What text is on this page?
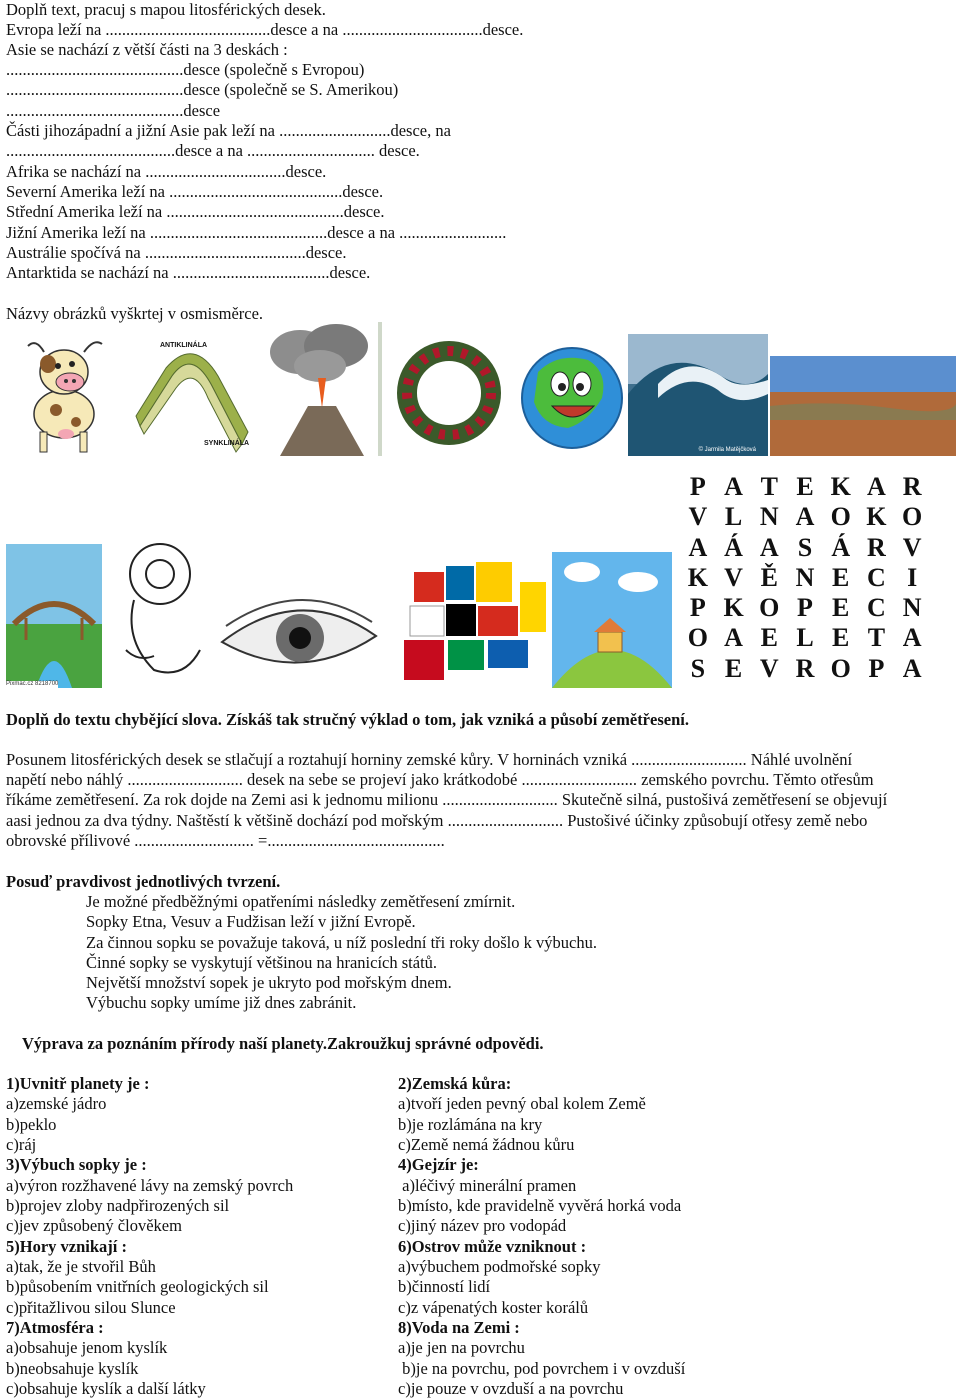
Doplň text, pracuj s mapou litosférických desek.
Evropa leží na ........................................desce a na ..................................desce.
Asie se nachází z větší části na 3 deskách :
...........................................desce (společně s Evropou)
...........................................desce (společně se S. Amerikou)
...........................................desce
Části jihozápadní a jižní Asie pak leží na ...........................desce, na
.........................................desce a na ............................... desce.
Afrika se nachází na ..................................desce.
Severní Amerika leží na ..........................................desce.
Střední Amerika leží na ...........................................desce.
Jižní Amerika leží na ...........................................desce a na ..........................
Austrálie spočívá na .......................................desce.
Antarktida se nachází na ......................................desce.
Názvy obrázků vyškrtej v osmisměrce.
ANTIKLINÁLA
SYNKLINÁLA
© Jarmila Matějčková
P A T E K A R
V L N A O K O
A Á A S Á R V
K V Ě N E C I
P K O P E C N
O A E L E T A
S E V R O P A
Pixmac.cz 8218700
Doplň do textu chybějící slova. Získáš tak stručný výklad o tom, jak vzniká a působí zemětřesení.
Posunem litosférických desek se stlačují a roztahují horniny zemské kůry. V horninách vzniká ............................ Náhlé uvolnění
napětí nebo náhlý ............................ desek na sebe se projeví jako krátkodobé ............................ zemského povrchu. Těmto otřesům
říkáme zemětřesení. Za rok dojde na Zemi asi k jednomu milionu ............................ Skutečně silná, pustošivá zemětřesení se objevují
aasi jednou za dva týdny. Naštěstí k většině dochází pod mořským ............................ Pustošivé účinky způsobují otřesy země nebo
obrovské přílivové ............................. =...........................................
Posuď pravdivost jednotlivých tvrzení.
Je možné předběžnými opatřeními následky zemětřesení zmírnit.
Sopky Etna, Vesuv a Fudžisan leží v jižní Evropě.
Za činnou sopku se považuje taková, u níž poslední tři roky došlo k výbuchu.
Činné sopky se vyskytují většinou na hranicích států.
Největší množství sopek je ukryto pod mořským dnem.
Výbuchu sopky umíme již dnes zabránit.
Výprava za poznáním přírody naší planety.Zakroužkuj správné odpovědi.
1)Uvnitř planety je :
a)zemské jádro
b)peklo
c)ráj
3)Výbuch sopky je :
a)výron rozžhavené lávy na zemský povrch
b)projev zloby nadpřirozených sil
c)jev způsobený člověkem
5)Hory vznikají :
a)tak, že je stvořil Bůh
b)působením vnitřních geologických sil
c)přitažlivou silou Slunce
7)Atmosféra :
a)obsahuje jenom kyslík
b)neobsahuje kyslík
c)obsahuje kyslík a další látky
2)Zemská kůra:
a)tvoří jeden pevný obal kolem Země
b)je rozlámána na kry
c)Země nemá žádnou kůru
4)Gejzír je:
a)léčivý minerální pramen
b)místo, kde pravidelně vyvěrá horká voda
c)jiný název pro vodopád
6)Ostrov může vzniknout :
a)výbuchem podmořské sopky
b)činností lidí
c)z vápenatých koster korálů
8)Voda na Zemi :
a)je jen na povrchu
b)je na povrchu, pod povrchem i v ovzduší
c)je pouze v ovzduší a na povrchu
